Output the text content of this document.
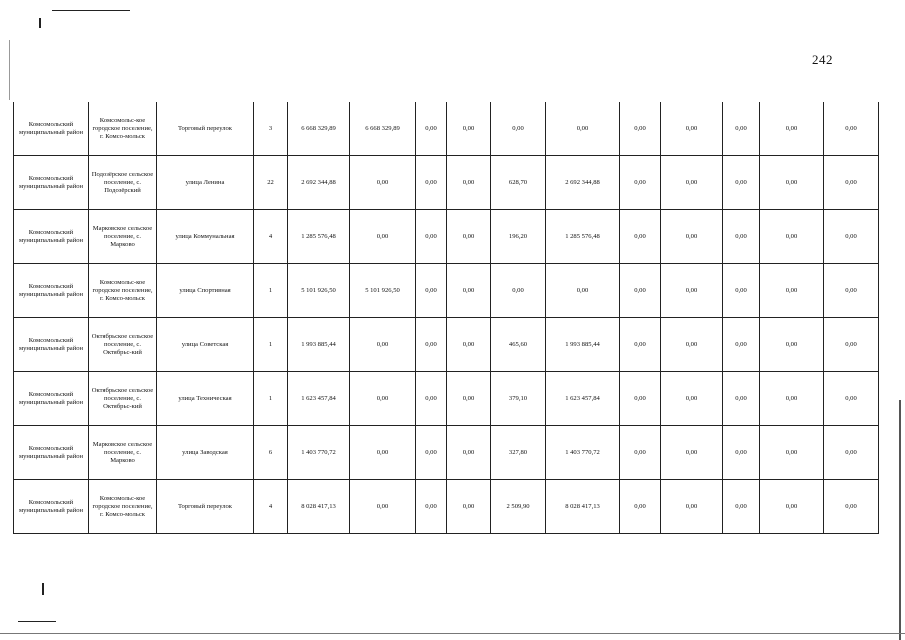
242
Комсомольский муниципальный район	Комсомольс-кое городское поселение, г. Комсо-мольск	Торговый переулок	3	6 668 329,89	6 668 329,89	0,00	0,00	0,00	0,00	0,00	0,00	0,00	0,00	0,00
Комсомольский муниципальный район	Подозёрское сельское поселение, с. Подозёрский	улица Ленина	22	2 692 344,88	0,00	0,00	0,00	628,70	2 692 344,88	0,00	0,00	0,00	0,00	0,00
Комсомольский муниципальный район	Марковское сельское поселение, с. Марково	улица Коммунальная	4	1 285 576,48	0,00	0,00	0,00	196,20	1 285 576,48	0,00	0,00	0,00	0,00	0,00
Комсомольский муниципальный район	Комсомольс-кое городское поселение, г. Комсо-мольск	улица Спортивная	1	5 101 926,50	5 101 926,50	0,00	0,00	0,00	0,00	0,00	0,00	0,00	0,00	0,00
Комсомольский муниципальный район	Октябрьское сельское поселение, с. Октябрьс-кий	улица Советская	1	1 993 885,44	0,00	0,00	0,00	465,60	1 993 885,44	0,00	0,00	0,00	0,00	0,00
Комсомольский муниципальный район	Октябрьское сельское поселение, с. Октябрьс-кий	улица Техническая	1	1 623 457,84	0,00	0,00	0,00	379,10	1 623 457,84	0,00	0,00	0,00	0,00	0,00
Комсомольский муниципальный район	Марковское сельское поселение, с. Марково	улица Заводская	6	1 403 770,72	0,00	0,00	0,00	327,80	1 403 770,72	0,00	0,00	0,00	0,00	0,00
Комсомольский муниципальный район	Комсомольс-кое городское поселение, г. Комсо-мольск	Торговый переулок	4	8 028 417,13	0,00	0,00	0,00	2 509,90	8 028 417,13	0,00	0,00	0,00	0,00	0,00
